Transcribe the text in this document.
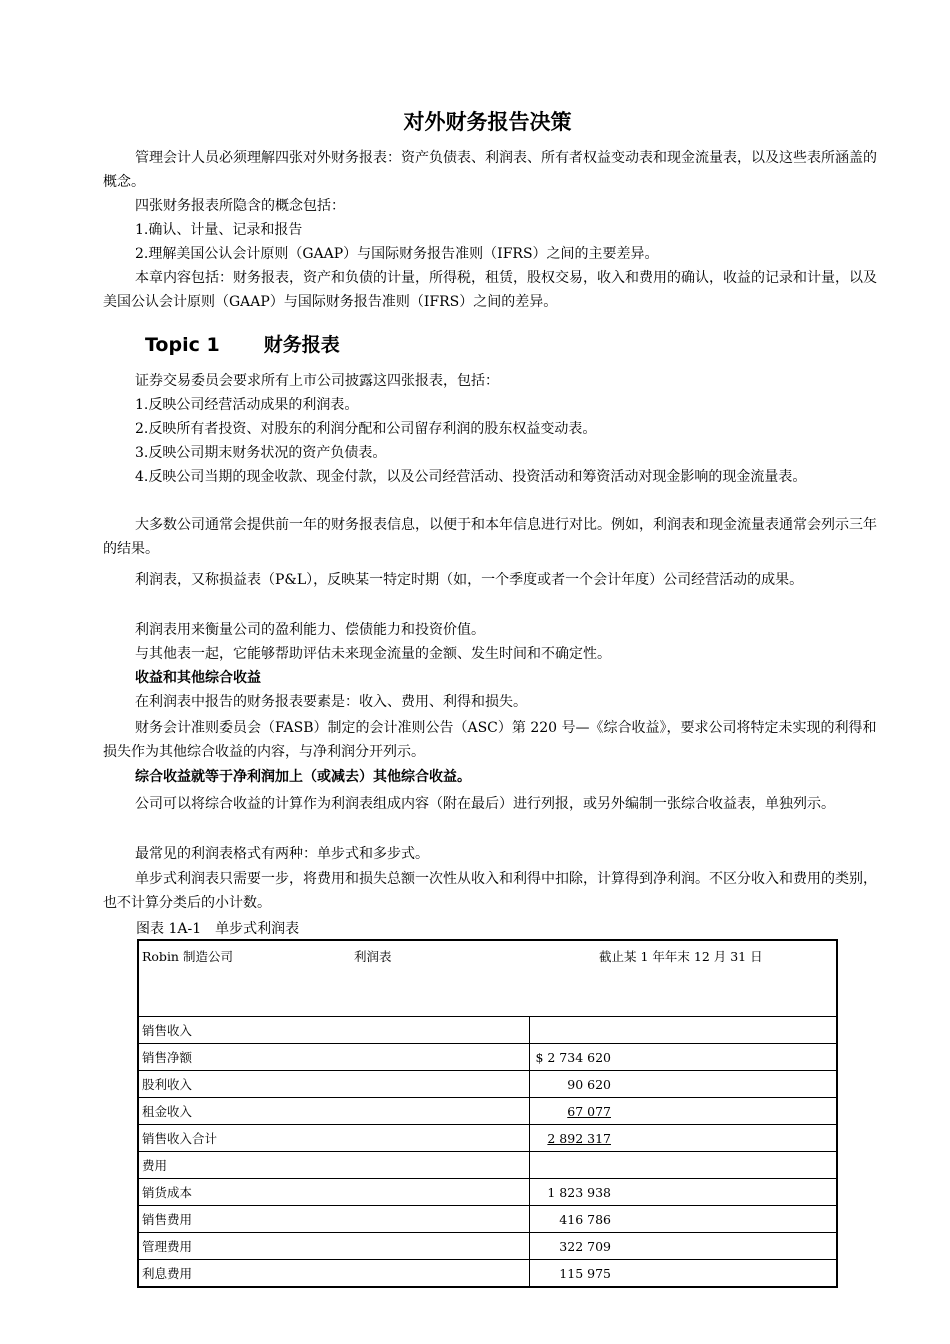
对外财务报告决策

管理会计人员必须理解四张对外财务报表：资产负债表、利润表、所有者权益变动表和现金流量表，以及这些表所涵盖的概念。

四张财务报表所隐含的概念包括：

1.确认、计量、记录和报告

2.理解美国公认会计原则（GAAP）与国际财务报告准则（IFRS）之间的主要差异。

本章内容包括：财务报表，资产和负债的计量，所得税，租赁，股权交易，收入和费用的确认，收益的记录和计量，以及美国公认会计原则（GAAP）与国际财务报告准则（IFRS）之间的差异。

Topic 1 财务报表

证券交易委员会要求所有上市公司披露这四张报表，包括：

1.反映公司经营活动成果的利润表。

2.反映所有者投资、对股东的利润分配和公司留存利润的股东权益变动表。

3.反映公司期末财务状况的资产负债表。

4.反映公司当期的现金收款、现金付款，以及公司经营活动、投资活动和筹资活动对现金影响的现金流量表。

大多数公司通常会提供前一年的财务报表信息，以便于和本年信息进行对比。例如，利润表和现金流量表通常会列示三年的结果。

利润表，又称损益表（P&L），反映某一特定时期（如，一个季度或者一个会计年度）公司经营活动的成果。

利润表用来衡量公司的盈利能力、偿债能力和投资价值。

与其他表一起，它能够帮助评估未来现金流量的金额、发生时间和不确定性。

收益和其他综合收益

在利润表中报告的财务报表要素是：收入、费用、利得和损失。

财务会计准则委员会（FASB）制定的会计准则公告（ASC）第 220 号—《综合收益》，要求公司将特定未实现的利得和损失作为其他综合收益的内容，与净利润分开列示。

综合收益就等于净利润加上（或减去）其他综合收益。

公司可以将综合收益的计算作为利润表组成内容（附在最后）进行列报，或另外编制一张综合收益表，单独列示。

最常见的利润表格式有两种：单步式和多步式。

单步式利润表只需要一步，将费用和损失总额一次性从收入和利得中扣除，计算得到净利润。不区分收入和费用的类别，也不计算分类后的小计数。

图表 1A-1　单步式利润表

Robin 制造公司

利润表

截止某 1 年年末 12 月 31 日	

销售收入	
销售净额	$ 2 734 620
股利收入	90 620
租金收入	67 077
销售收入合计	2 892 317
费用	
销货成本	1 823 938
销售费用	416 786
管理费用	322 709
利息费用	115 975
